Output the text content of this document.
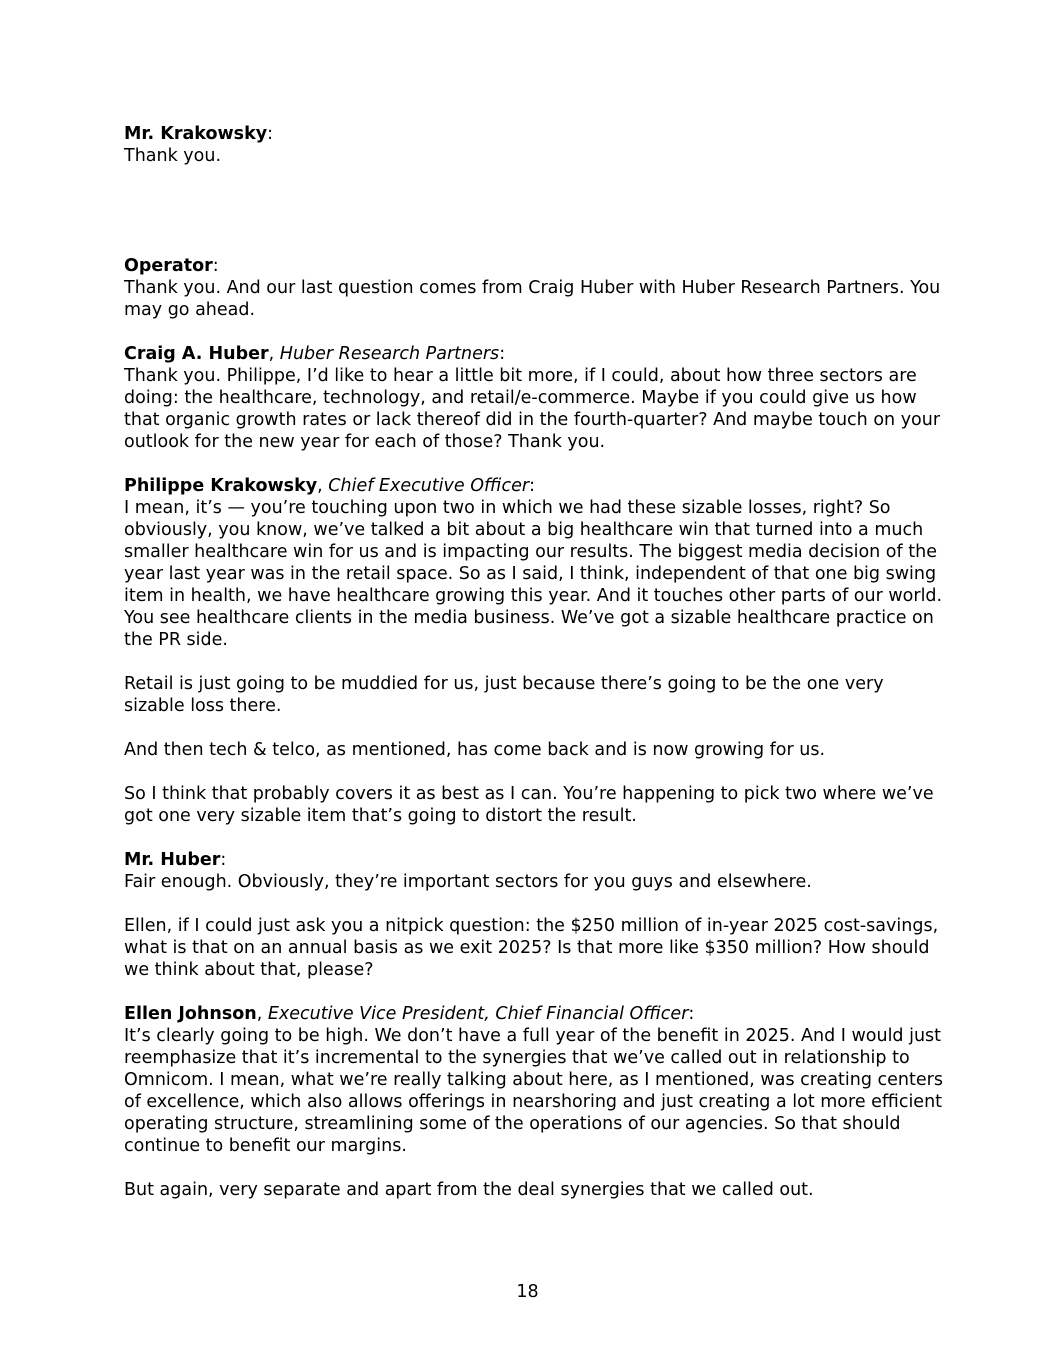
Mr. Krakowsky:

Thank you.

Operator:

Thank you. And our last question comes from Craig Huber with Huber Research Partners. You may go ahead.

Craig A. Huber, Huber Research Partners:

Thank you. Philippe, I’d like to hear a little bit more, if I could, about how three sectors are doing: the healthcare, technology, and retail/e-commerce. Maybe if you could give us how that organic growth rates or lack thereof did in the fourth-quarter? And maybe touch on your outlook for the new year for each of those? Thank you.

Philippe Krakowsky, Chief Executive Officer:

I mean, it’s — you’re touching upon two in which we had these sizable losses, right? So obviously, you know, we’ve talked a bit about a big healthcare win that turned into a much smaller healthcare win for us and is impacting our results. The biggest media decision of the year last year was in the retail space. So as I said, I think, independent of that one big swing item in health, we have healthcare growing this year. And it touches other parts of our world. You see healthcare clients in the media business. We’ve got a sizable healthcare practice on the PR side.

Retail is just going to be muddied for us, just because there’s going to be the one very sizable loss there.

And then tech & telco, as mentioned, has come back and is now growing for us.

So I think that probably covers it as best as I can. You’re happening to pick two where we’ve got one very sizable item that’s going to distort the result.

Mr. Huber:

Fair enough. Obviously, they’re important sectors for you guys and elsewhere.

Ellen, if I could just ask you a nitpick question: the $250 million of in-year 2025 cost-savings, what is that on an annual basis as we exit 2025? Is that more like $350 million? How should we think about that, please?

Ellen Johnson, Executive Vice President, Chief Financial Officer:

It’s clearly going to be high. We don’t have a full year of the benefit in 2025. And I would just reemphasize that it’s incremental to the synergies that we’ve called out in relationship to Omnicom. I mean, what we’re really talking about here, as I mentioned, was creating centers of excellence, which also allows offerings in nearshoring and just creating a lot more efficient operating structure, streamlining some of the operations of our agencies. So that should continue to benefit our margins.

But again, very separate and apart from the deal synergies that we called out.

18
